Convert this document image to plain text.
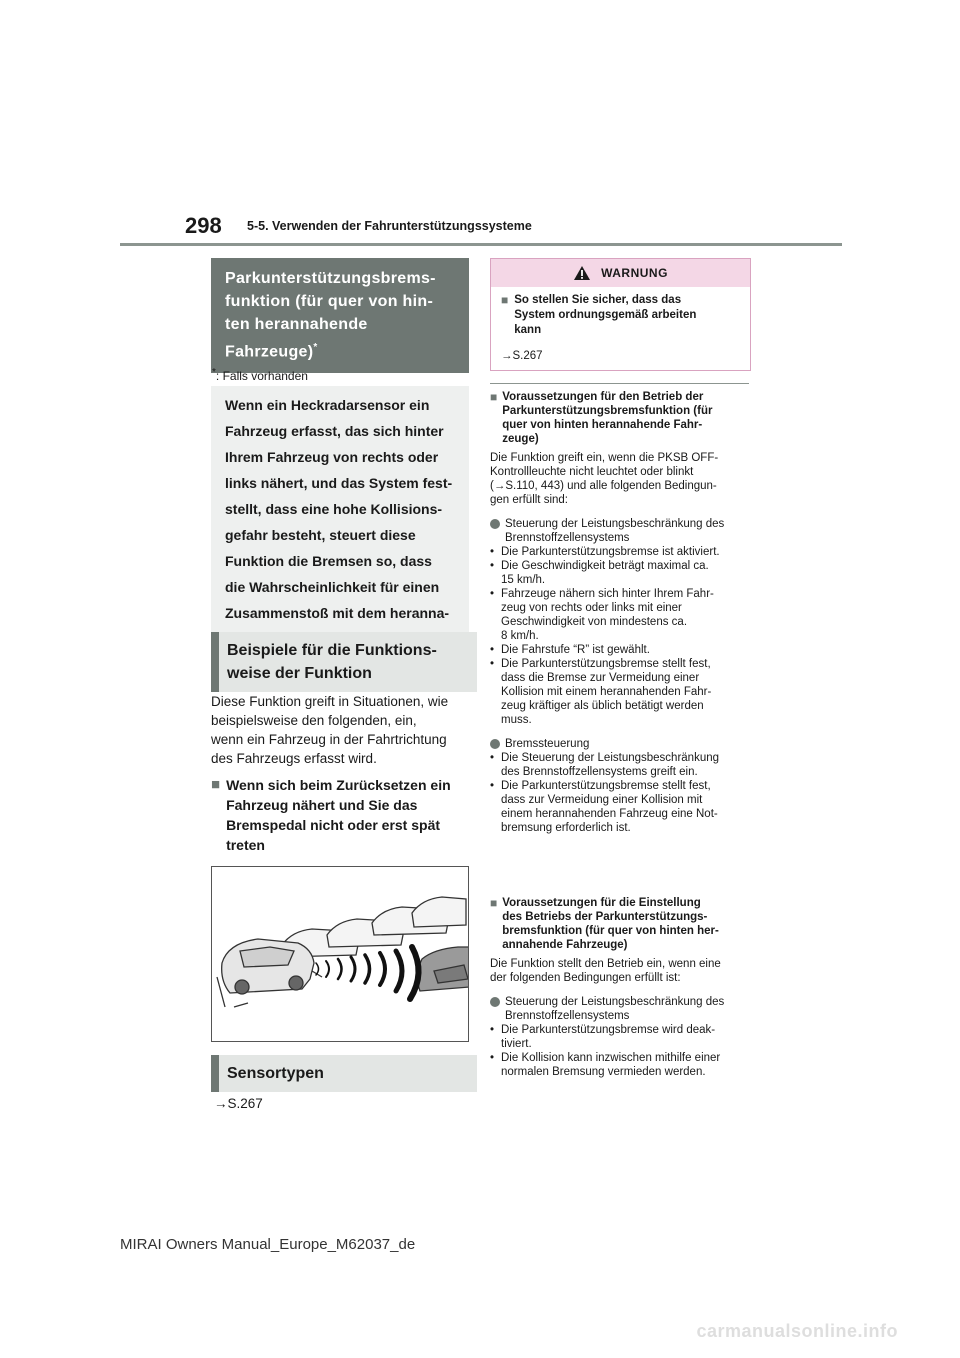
298 5-5. Verwenden der Fahrunterstützungssysteme
Parkunterstützungsbrems-
funktion (für quer von hin-
ten herannahende
Fahrzeuge)*
*: Falls vorhanden
Wenn ein Heckradarsensor ein
Fahrzeug erfasst, das sich hinter
Ihrem Fahrzeug von rechts oder
links nähert, und das System fest-
stellt, dass eine hohe Kollisions-
gefahr besteht, steuert diese
Funktion die Bremsen so, dass
die Wahrscheinlichkeit für einen
Zusammenstoß mit dem heranna-
Beispiele für die Funktions-
weise der Funktion
Diese Funktion greift in Situationen, wie
beispielsweise den folgenden, ein,
wenn ein Fahrzeug in der Fahrtrichtung
des Fahrzeugs erfasst wird.
■ Wenn sich beim Zurücksetzen ein
Fahrzeug nähert und Sie das
Bremspedal nicht oder erst spät
treten
Sensortypen
→S.267
WARNUNG
■ So stellen Sie sicher, dass das
System ordnungsgemäß arbeiten
kann
→S.267
■ Voraussetzungen für den Betrieb der
Parkunterstützungsbremsfunktion (für
quer von hinten herannahende Fahr-
zeuge)
Die Funktion greift ein, wenn die PKSB OFF-
Kontrollleuchte nicht leuchtet oder blinkt
(→S.110, 443) und alle folgenden Bedingun-
gen erfüllt sind:
Steuerung der Leistungsbeschränkung des
Brennstoffzellensystems
• Die Parkunterstützungsbremse ist aktiviert.
• Die Geschwindigkeit beträgt maximal ca.
15 km/h.
• Fahrzeuge nähern sich hinter Ihrem Fahr-
zeug von rechts oder links mit einer
Geschwindigkeit von mindestens ca.
8 km/h.
• Die Fahrstufe “R” ist gewählt.
• Die Parkunterstützungsbremse stellt fest,
dass die Bremse zur Vermeidung einer
Kollision mit einem herannahenden Fahr-
zeug kräftiger als üblich betätigt werden
muss.
Bremssteuerung
• Die Steuerung der Leistungsbeschränkung
des Brennstoffzellensystems greift ein.
• Die Parkunterstützungsbremse stellt fest,
dass zur Vermeidung einer Kollision mit
einem herannahenden Fahrzeug eine Not-
bremsung erforderlich ist.
■ Voraussetzungen für die Einstellung
des Betriebs der Parkunterstützungs-
bremsfunktion (für quer von hinten her-
annahende Fahrzeuge)
Die Funktion stellt den Betrieb ein, wenn eine
der folgenden Bedingungen erfüllt ist:
Steuerung der Leistungsbeschränkung des
Brennstoffzellensystems
• Die Parkunterstützungsbremse wird deak-
tiviert.
• Die Kollision kann inzwischen mithilfe einer
normalen Bremsung vermieden werden.
MIRAI Owners Manual_Europe_M62037_de
carmanualsonline.info
